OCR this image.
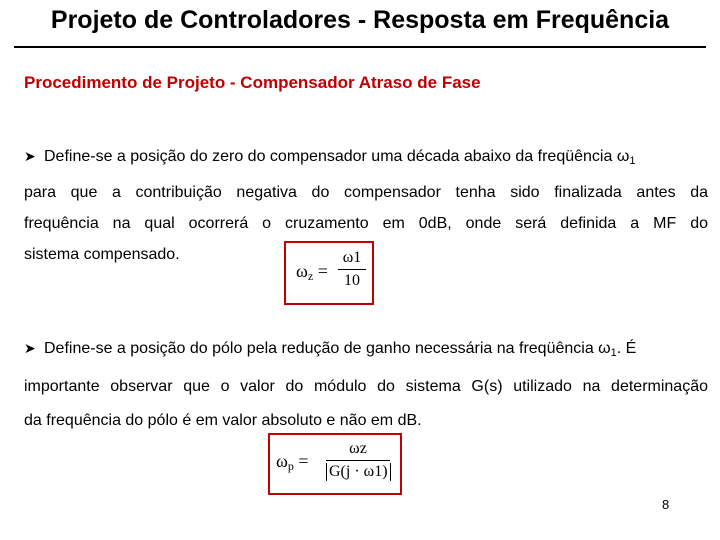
Projeto de Controladores - Resposta em Frequência
Procedimento de Projeto - Compensador Atraso de Fase
➤ Define-se a posição do zero do compensador uma década abaixo da freqüência $\omega_1$
para que a contribuição negativa do compensador tenha sido finalizada antes da
frequência na qual ocorrerá o cruzamento em 0dB, onde será definida a MF do
sistema compensado.
ωz =
ω1
10
➤ Define-se a posição do pólo pela redução de ganho necessária na freqüência $\omega_1$. É
importante observar que o valor do módulo do sistema G(s) utilizado na determinação
da frequência do pólo é em valor absoluto e não em dB.
ωp =
ωz
G(j · ω1)
8
